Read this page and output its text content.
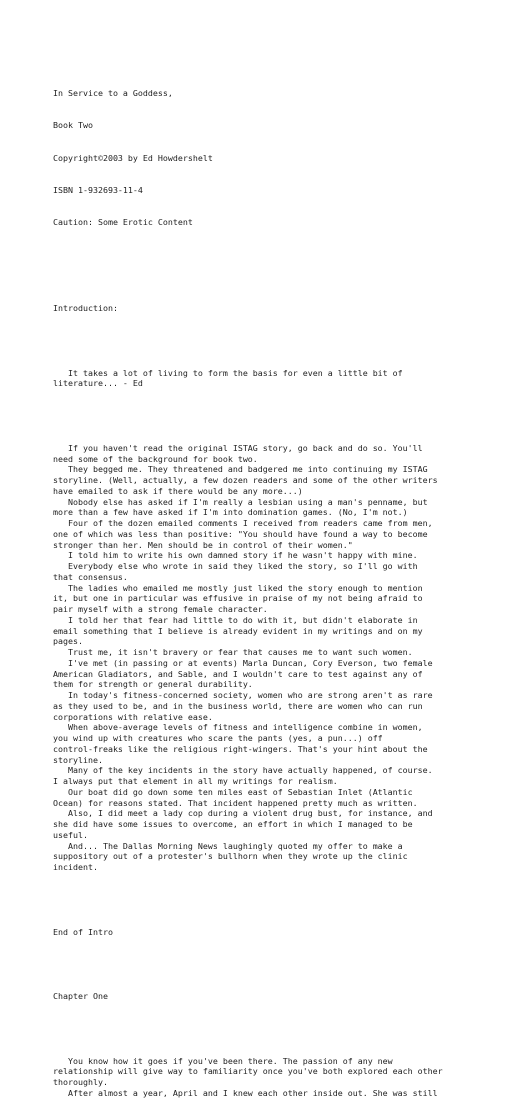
In Service to a Goddess,

Book Two

Copyright©2003 by Ed Howdershelt

ISBN 1-932693-11-4

Caution: Some Erotic Content

Introduction:

It takes a lot of living to form the basis for even a little bit of
literature... - Ed

If you haven't read the original ISTAG story, go back and do so. You'll
need some of the background for book two.
They begged me. They threatened and badgered me into continuing my ISTAG
storyline. (Well, actually, a few dozen readers and some of the other writers
have emailed to ask if there would be any more...)
Nobody else has asked if I'm really a lesbian using a man's penname, but
more than a few have asked if I'm into domination games. (No, I'm not.)
Four of the dozen emailed comments I received from readers came from men,
one of which was less than positive: "You should have found a way to become
stronger than her. Men should be in control of their women."
I told him to write his own damned story if he wasn't happy with mine.
Everybody else who wrote in said they liked the story, so I'll go with
that consensus.
The ladies who emailed me mostly just liked the story enough to mention
it, but one in particular was effusive in praise of my not being afraid to
pair myself with a strong female character.
I told her that fear had little to do with it, but didn't elaborate in
email something that I believe is already evident in my writings and on my
pages.
Trust me, it isn't bravery or fear that causes me to want such women.
I've met (in passing or at events) Marla Duncan, Cory Everson, two female
American Gladiators, and Sable, and I wouldn't care to test against any of
them for strength or general durability.
In today's fitness-concerned society, women who are strong aren't as rare
as they used to be, and in the business world, there are women who can run
corporations with relative ease.
When above-average levels of fitness and intelligence combine in women,
you wind up with creatures who scare the pants (yes, a pun...) off
control-freaks like the religious right-wingers. That's your hint about the
storyline.
Many of the key incidents in the story have actually happened, of course.
I always put that element in all my writings for realism.
Our boat did go down some ten miles east of Sebastian Inlet (Atlantic
Ocean) for reasons stated. That incident happened pretty much as written.
Also, I did meet a lady cop during a violent drug bust, for instance, and
she did have some issues to overcome, an effort in which I managed to be
useful.
And... The Dallas Morning News laughingly quoted my offer to make a
suppository out of a protester's bullhorn when they wrote up the clinic
incident.

End of Intro

Chapter One

You know how it goes if you've been there. The passion of any new
relationship will give way to familiarity once you've both explored each other
thoroughly.
After almost a year, April and I knew each other inside out. She was still
